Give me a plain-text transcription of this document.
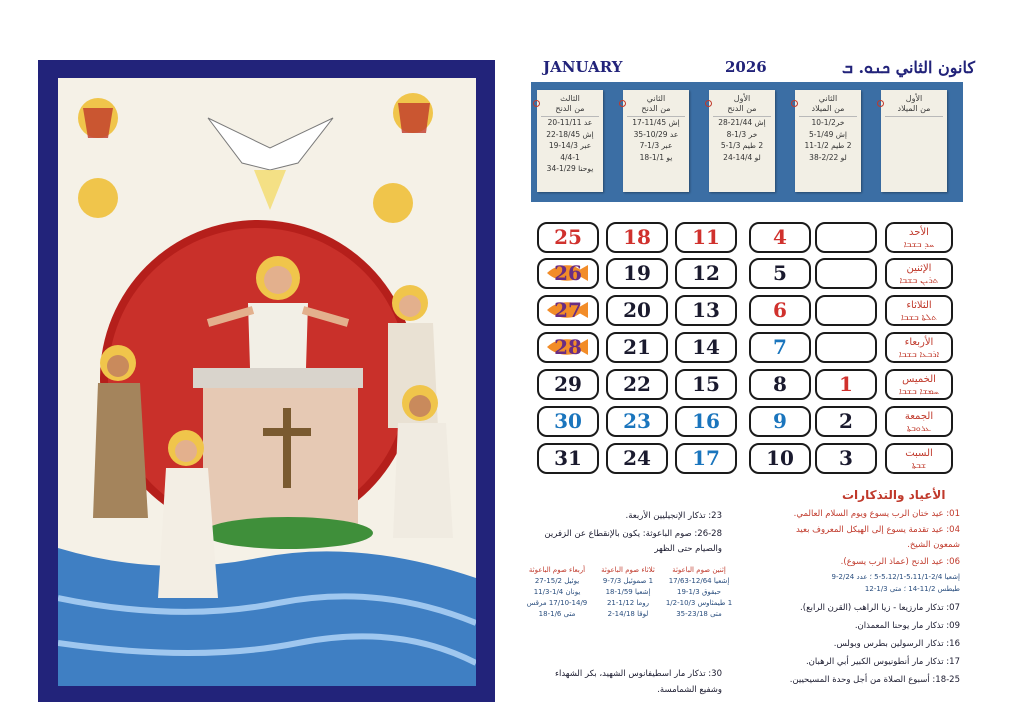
JANUARY	2026	كانون الثاني ܟܢܘ. ܒ
الأول
من الميلاد
الثاني
من الميلاد
خر1/2-10
إش 1/49-5
2 طيم 1/2-11
لو 2/22-38
الأول
من الدنح
إش 21/44-28
خر 1/3-8
2 طيم 1/3-5
لو 14/4-24
الثاني
من الدنح
إش 11/45-17
عد 10/29-35
عبر 1/3-7
يو 1/1-18
الثالث
من الدنح
عد 11/11-20
إش 18/45-22
عبر 14/3-19
4/4-1
يوحنا 1/29-34
الأحد
ܚܕ ܒܫܒܐ
الإثنين
ܬܪܝܢ ܒܫܒܐ
الثلاثاء
ܬܠܬܐ ܒܫܒܐ
الأربعاء
ܐܪܒܥܐ ܒܫܒܐ
الخميس
ܚܡܫܐ ܒܫܒܐ
الجمعة
ܥܪܘܒܬܐ
السبت
ܫܒܬܐ
4
11
18
25
5
12
19
26
6
13
20
27
7
14
21
28
1
8
15
22
29
2
9
16
23
30
3
10
17
24
31
الأعياد والتذكارات
01: عيد ختان الرب يسوع ويوم السلام العالمي.
04: عيد تقدمة يسوع إلى الهيكل المعروف بعيد
شمعون الشيخ.
06: عيد الدنح (عماذ الرب يسوع).
إشعيا 2/4-5،11/1-5،12/1-5 ؛ عدد 2/24-9
طيطس 11/2-14 ؛ متى 1/3-12
07: تذكار مارزيعا - زيا الراهب (القرن الرابع).
09: تذكار مار يوحنا المعمذان.
16: تذكار الرسولين بطرس وبولس.
17: تذكار مار أنطونيوس الكبير أبي الرهبان.
18-25: أسبوع الصلاة من أجل وحدة المسيحيين.
23: تذكار الإنجيليين الأربعة.
26-28: صوم الباعوثة: يكون بالإنقطاع عن الزفرين
والصيام حتى الظهر
إثنين صوم الباعوثة
إشعيا 12/64-17/63
حبقوق 1/3-19
1 طيمثاوس 10/3-1/2
متى 23/18-35
ثلاثاء صوم الباعوثة
1 صموئيل 7/3-9
إشعيا 1/59-18
روما 1/12-21
لوقا 14/18-2
أربعاء صوم الباعوثة
يوئيل 15/2-27
يونان 1/4-11/3
17/10-14/9 مرقس
متى 1/6-18
30: تذكار مار اسطيفانوس الشهيد، بكر الشهداء
وشفيع الشمامسة.
